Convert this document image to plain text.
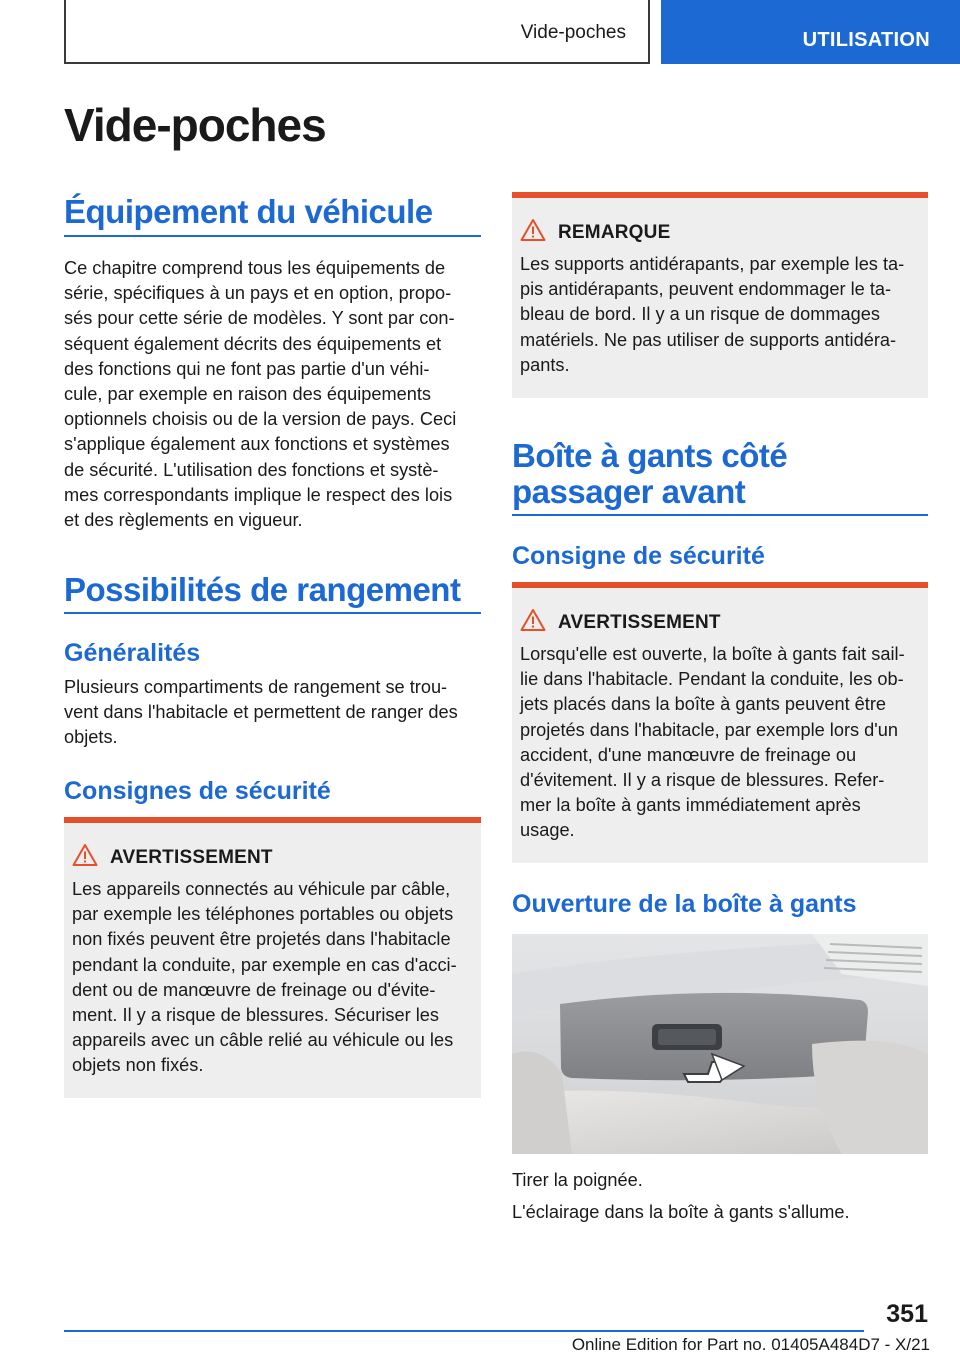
Vide-poches	UTILISATION
Vide-poches
Équipement du véhicule
Ce chapitre comprend tous les équipements de
série, spécifiques à un pays et en option, propo-
sés pour cette série de modèles. Y sont par con-
séquent également décrits des équipements et
des fonctions qui ne font pas partie d'un véhi-
cule, par exemple en raison des équipements
optionnels choisis ou de la version de pays. Ceci
s'applique également aux fonctions et systèmes
de sécurité. L'utilisation des fonctions et systè-
mes correspondants implique le respect des lois
et des règlements en vigueur.
Possibilités de rangement
Généralités
Plusieurs compartiments de rangement se trou-
vent dans l'habitacle et permettent de ranger des
objets.
Consignes de sécurité
AVERTISSEMENT
Les appareils connectés au véhicule par câble,
par exemple les téléphones portables ou objets
non fixés peuvent être projetés dans l'habitacle
pendant la conduite, par exemple en cas d'acci-
dent ou de manœuvre de freinage ou d'évite-
ment. Il y a risque de blessures. Sécuriser les
appareils avec un câble relié au véhicule ou les
objets non fixés.
REMARQUE
Les supports antidérapants, par exemple les ta-
pis antidérapants, peuvent endommager le ta-
bleau de bord. Il y a un risque de dommages
matériels. Ne pas utiliser de supports antidéra-
pants.
Boîte à gants côté
passager avant
Consigne de sécurité
AVERTISSEMENT
Lorsqu'elle est ouverte, la boîte à gants fait sail-
lie dans l'habitacle. Pendant la conduite, les ob-
jets placés dans la boîte à gants peuvent être
projetés dans l'habitacle, par exemple lors d'un
accident, d'une manœuvre de freinage ou
d'évitement. Il y a risque de blessures. Refer-
mer la boîte à gants immédiatement après
usage.
Ouverture de la boîte à gants
Tirer la poignée.
L'éclairage dans la boîte à gants s'allume.
351
Online Edition for Part no. 01405A484D7 - X/21
